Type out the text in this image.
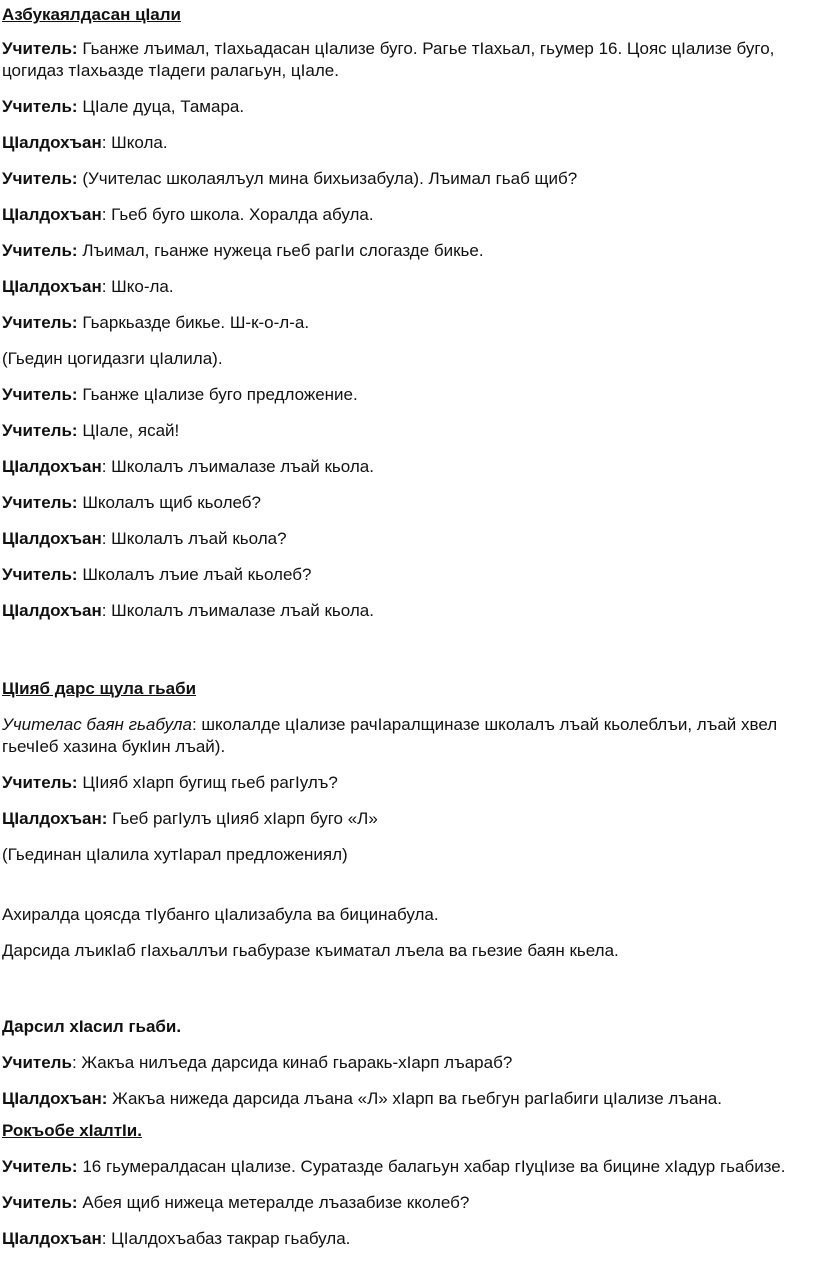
Азбукаялдасан цIали

Учитель: Гьанже лъимал, тIахьадасан цIализе буго. Рагье тIахьал, гьумер 16. Цояс цIализе буго, цогидаз тIахьазде тIадеги ралагьун, цIале.

Учитель: ЦIале дуца, Тамара.

ЦIалдохъан: Школа.

Учитель: (Учителас школаялъул мина бихьизабула). Лъимал гьаб щиб?

ЦIалдохъан: Гьеб буго школа. Хоралда абула.

Учитель: Лъимал, гьанже нужеца гьеб рагIи слогазде бикье.

ЦIалдохъан: Шко-ла.

Учитель: Гьаркьазде бикье. Ш-к-о-л-а.

(Гьедин цогидазги цIалила).

Учитель: Гьанже цIализе буго предложение.

Учитель: ЦIале, ясай!

ЦIалдохъан: Школалъ лъималазе лъай кьола.

Учитель: Школалъ щиб кьолеб?

ЦIалдохъан: Школалъ лъай кьола?

Учитель: Школалъ лъие лъай кьолеб?

ЦIалдохъан: Школалъ лъималазе лъай кьола.

ЦIияб дарс щула гьаби

Учителас баян гьабула: школалде цIализе рачIаралщиназе школалъ лъай кьолеблъи, лъай хвел гьечIеб хазина букIин лъай).

Учитель: ЦIияб хIарп бугищ гьеб рагIулъ?

ЦIалдохъан: Гьеб рагIулъ цIияб хIарп буго «Л»

(Гьединан цIалила хутIарал предложениял)

Ахиралда цоясда тIубанго цIализабула ва бицинабула.

Дарсида лъикIаб гIахьаллъи гьабуразе къиматал лъела ва гьезие баян кьела.

Дарсил хIасил гьаби.

Учитель: Жакъа нилъеда дарсида кинаб гьаракь-хIарп лъараб?

ЦIалдохъан: Жакъа нижеда дарсида лъана «Л» хIарп ва гьебгун рагIабиги цIализе лъана.

Рокъобе хIалтIи.

Учитель: 16 гьумералдасан цIализе. Суратазде балагьун хабар гIуцIизе ва бицине хIадур гьабизе.

Учитель: Абея щиб нижеца метералде лъазабизе кколеб?

ЦIалдохъан: ЦIалдохъабаз такрар гьабула.
